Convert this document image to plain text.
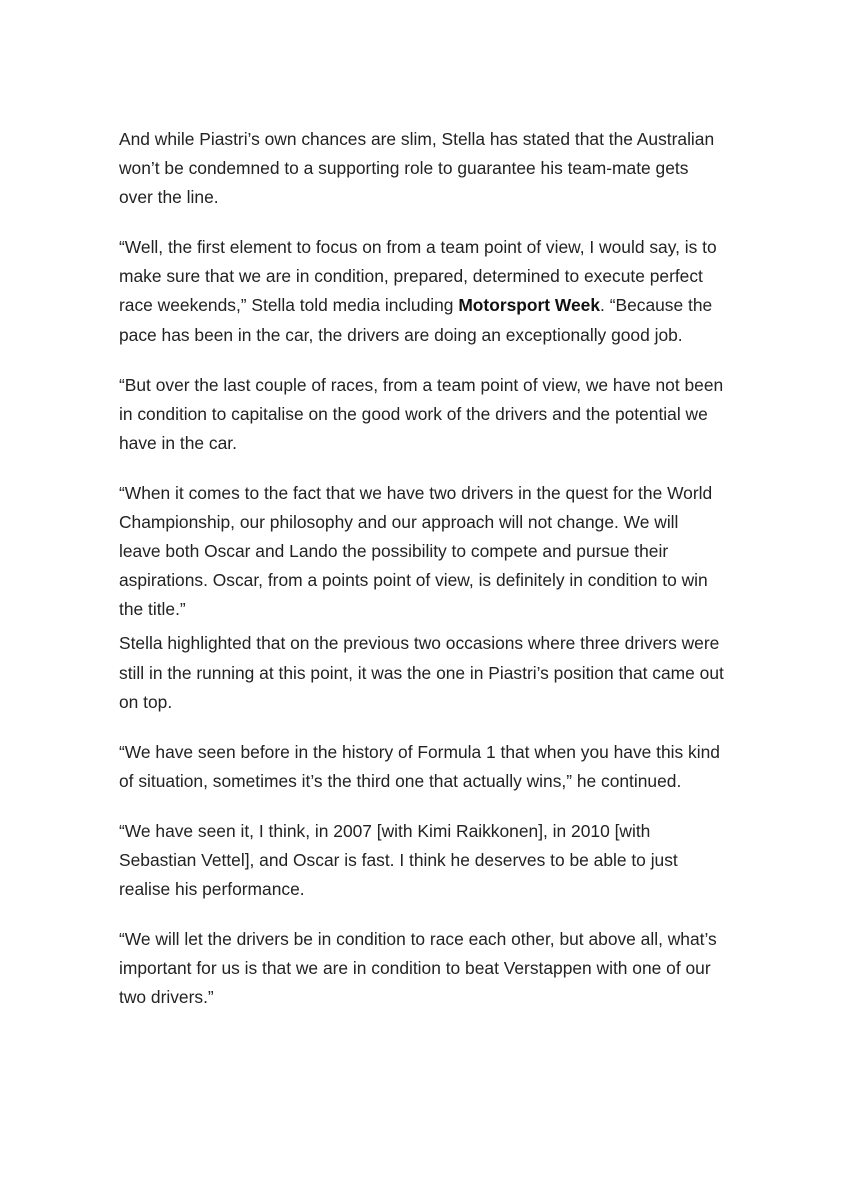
And while Piastri’s own chances are slim, Stella has stated that the Australian won’t be condemned to a supporting role to guarantee his team-mate gets over the line.

“Well, the first element to focus on from a team point of view, I would say, is to make sure that we are in condition, prepared, determined to execute perfect race weekends,” Stella told media including Motorsport Week. “Because the pace has been in the car, the drivers are doing an exceptionally good job.

“But over the last couple of races, from a team point of view, we have not been in condition to capitalise on the good work of the drivers and the potential we have in the car.

“When it comes to the fact that we have two drivers in the quest for the World Championship, our philosophy and our approach will not change. We will leave both Oscar and Lando the possibility to compete and pursue their aspirations. Oscar, from a points point of view, is definitely in condition to win the title.”

Stella highlighted that on the previous two occasions where three drivers were still in the running at this point, it was the one in Piastri’s position that came out on top.

“We have seen before in the history of Formula 1 that when you have this kind of situation, sometimes it’s the third one that actually wins,” he continued.

“We have seen it, I think, in 2007 [with Kimi Raikkonen], in 2010 [with Sebastian Vettel], and Oscar is fast. I think he deserves to be able to just realise his performance.

“We will let the drivers be in condition to race each other, but above all, what’s important for us is that we are in condition to beat Verstappen with one of our two drivers.”
